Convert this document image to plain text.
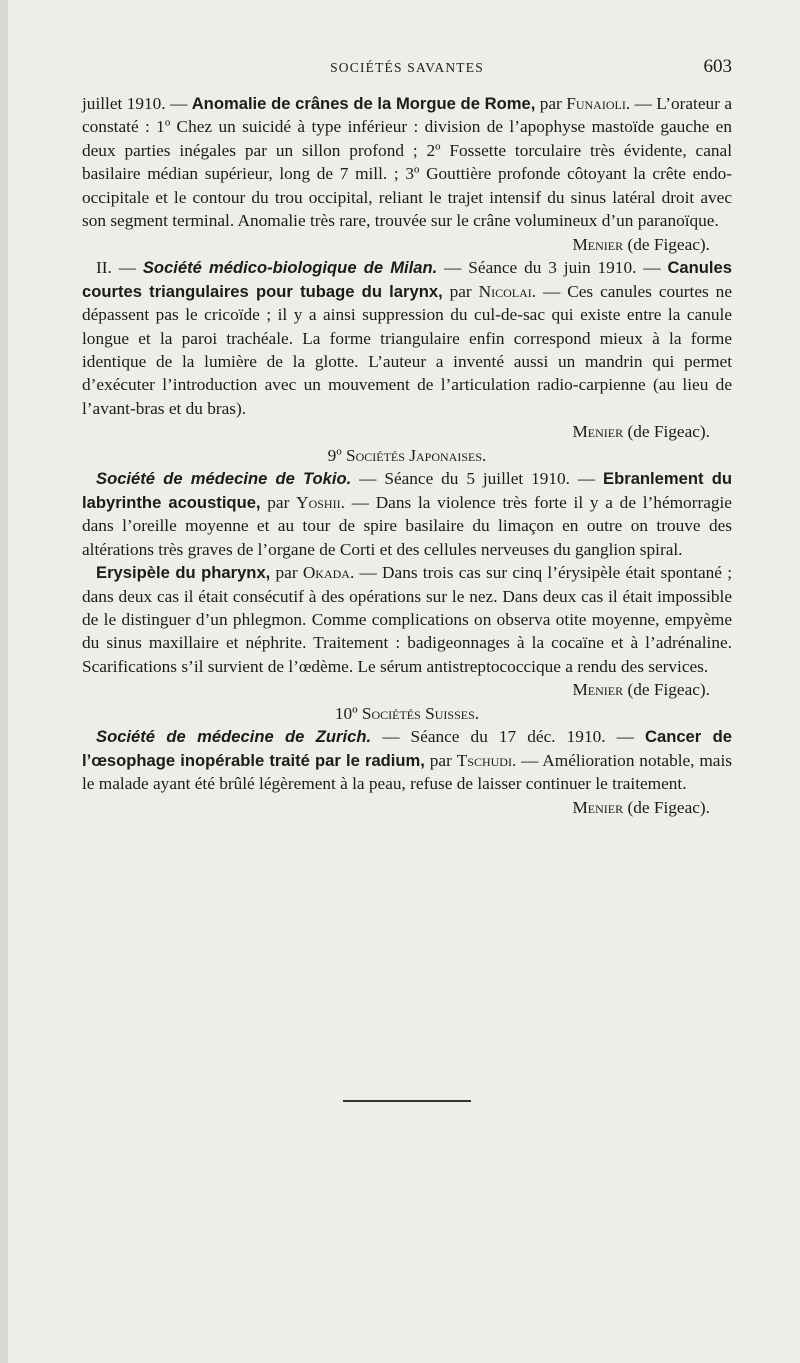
SOCIÉTÉS SAVANTES	603

juillet 1910. — Anomalie de crânes de la Morgue de Rome, par Funaioli. — L’orateur a constaté : 1º Chez un suicidé à type inférieur : division de l’apophyse mastoïde gauche en deux parties inégales par un sillon profond ; 2º Fossette torculaire très évidente, canal basilaire médian supérieur, long de 7 mill. ; 3º Gouttière profonde côtoyant la crête endo-occipitale et le contour du trou occipital, reliant le trajet intensif du sinus latéral droit avec son segment terminal. Anomalie très rare, trouvée sur le crâne volumineux d’un paranoïque.

Menier (de Figeac).

II. — Société médico-biologique de Milan. — Séance du 3 juin 1910. — Canules courtes triangulaires pour tubage du larynx, par Nicolai. — Ces canules courtes ne dépassent pas le cricoïde ; il y a ainsi suppression du cul-de-sac qui existe entre la canule longue et la paroi trachéale. La forme triangulaire enfin correspond mieux à la forme identique de la lumière de la glotte. L’auteur a inventé aussi un mandrin qui permet d’exécuter l’introduction avec un mouvement de l’articulation radio-carpienne (au lieu de l’avant-bras et du bras).

Menier (de Figeac).

9º Sociétés Japonaises.

Société de médecine de Tokio. — Séance du 5 juillet 1910. — Ebranlement du labyrinthe acoustique, par Yoshii. — Dans la violence très forte il y a de l’hémorragie dans l’oreille moyenne et au tour de spire basilaire du limaçon en outre on trouve des altérations très graves de l’organe de Corti et des cellules nerveuses du ganglion spiral.

Erysipèle du pharynx, par Okada. — Dans trois cas sur cinq l’érysipèle était spontané ; dans deux cas il était consécutif à des opérations sur le nez. Dans deux cas il était impossible de le distinguer d’un phlegmon. Comme complications on observa otite moyenne, empyème du sinus maxillaire et néphrite. Traitement : badigeonnages à la cocaïne et à l’adrénaline. Scarifications s’il survient de l’œdème. Le sérum antistreptococcique a rendu des services.

Menier (de Figeac).

10º Sociétés Suisses.

Société de médecine de Zurich. — Séance du 17 déc. 1910. — Cancer de l’œsophage inopérable traité par le radium, par Tschudi. — Amélioration notable, mais le malade ayant été brûlé légèrement à la peau, refuse de laisser continuer le traitement.

Menier (de Figeac).
